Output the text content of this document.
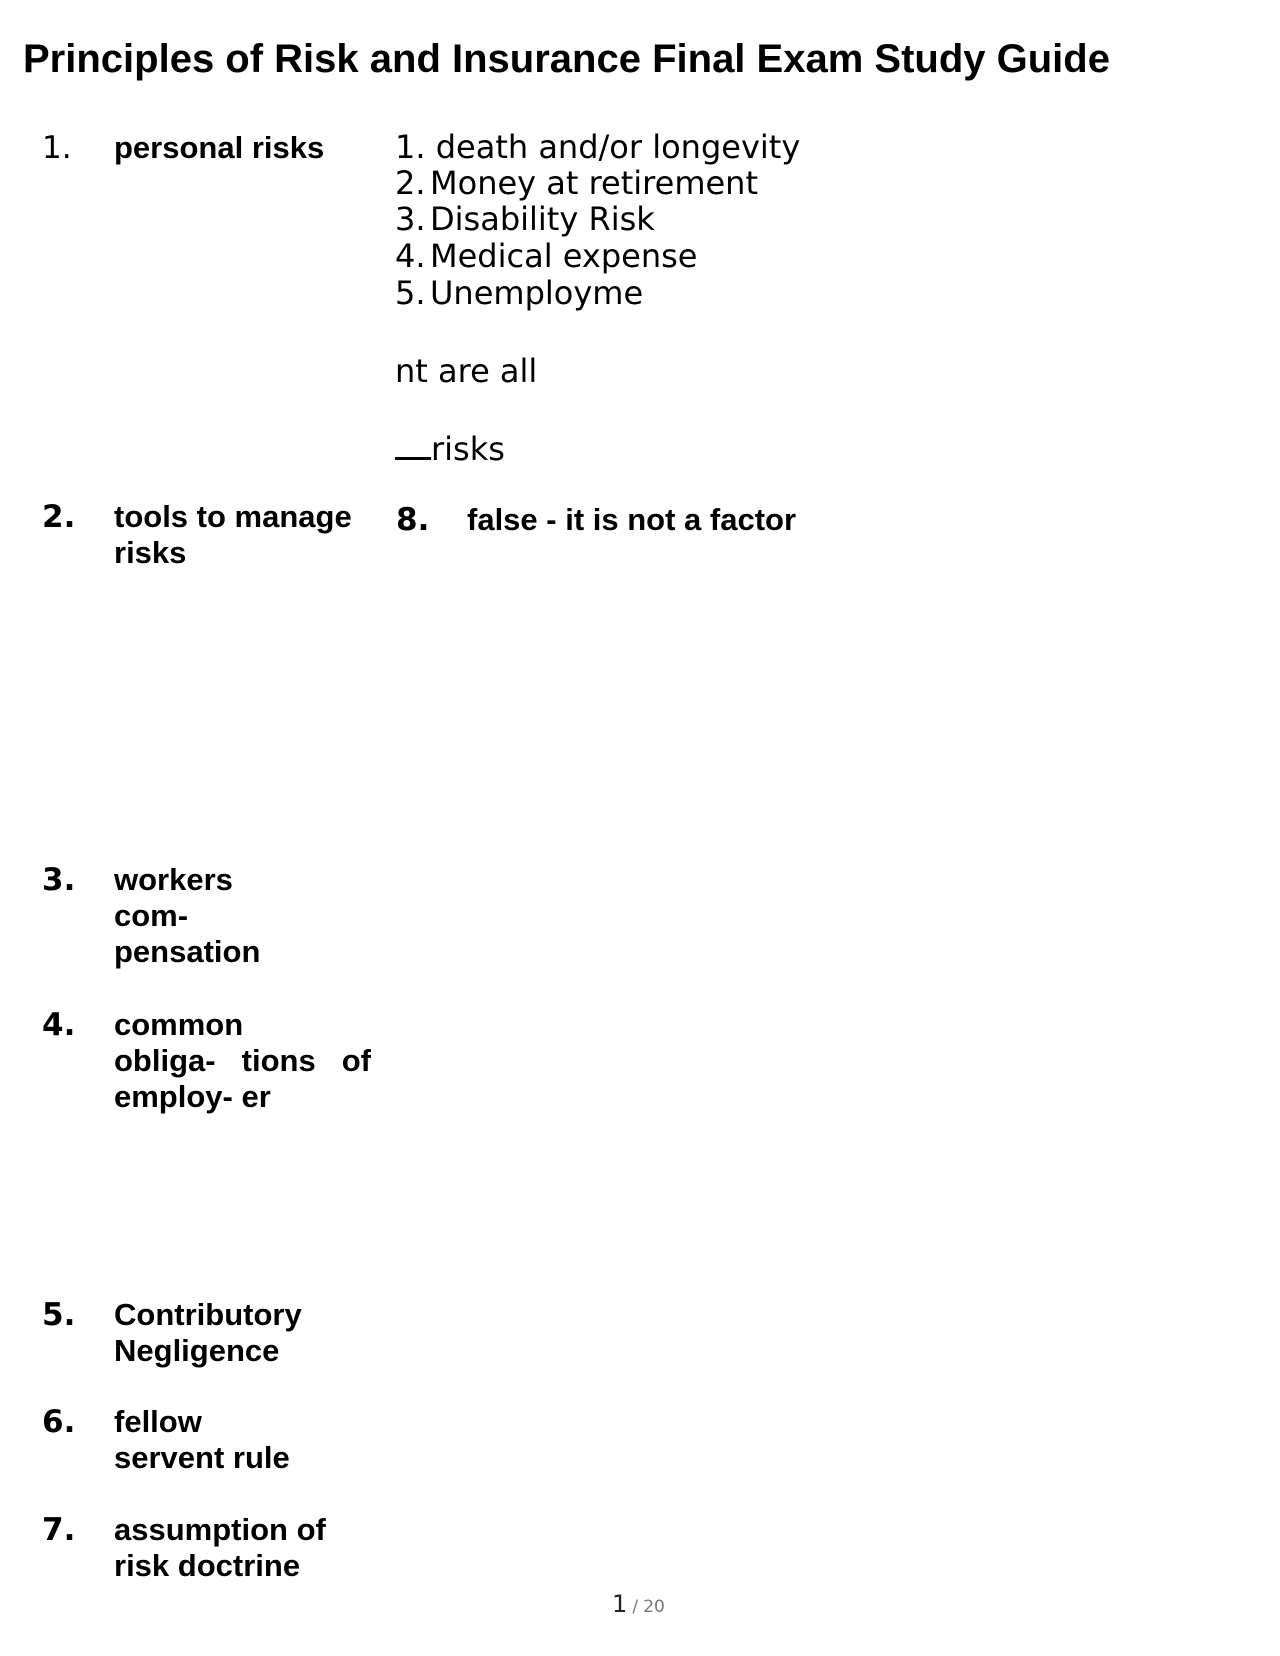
Principles of Risk and Insurance Final Exam Study Guide
1. personal risks	1. death and/or longevity
2. Money at retirement
3. Disability Risk
4. Medical expense
5. Unemployme
nt are all
risks
2. tools to manage
risks
8. false - it is not a factor
3. workers
com-
pensation
4. common
obliga- tions of
employ- er
5. Contributory
Negligence
6. fellow
servent rule
7. assumption of
risk doctrine
1 / 20
